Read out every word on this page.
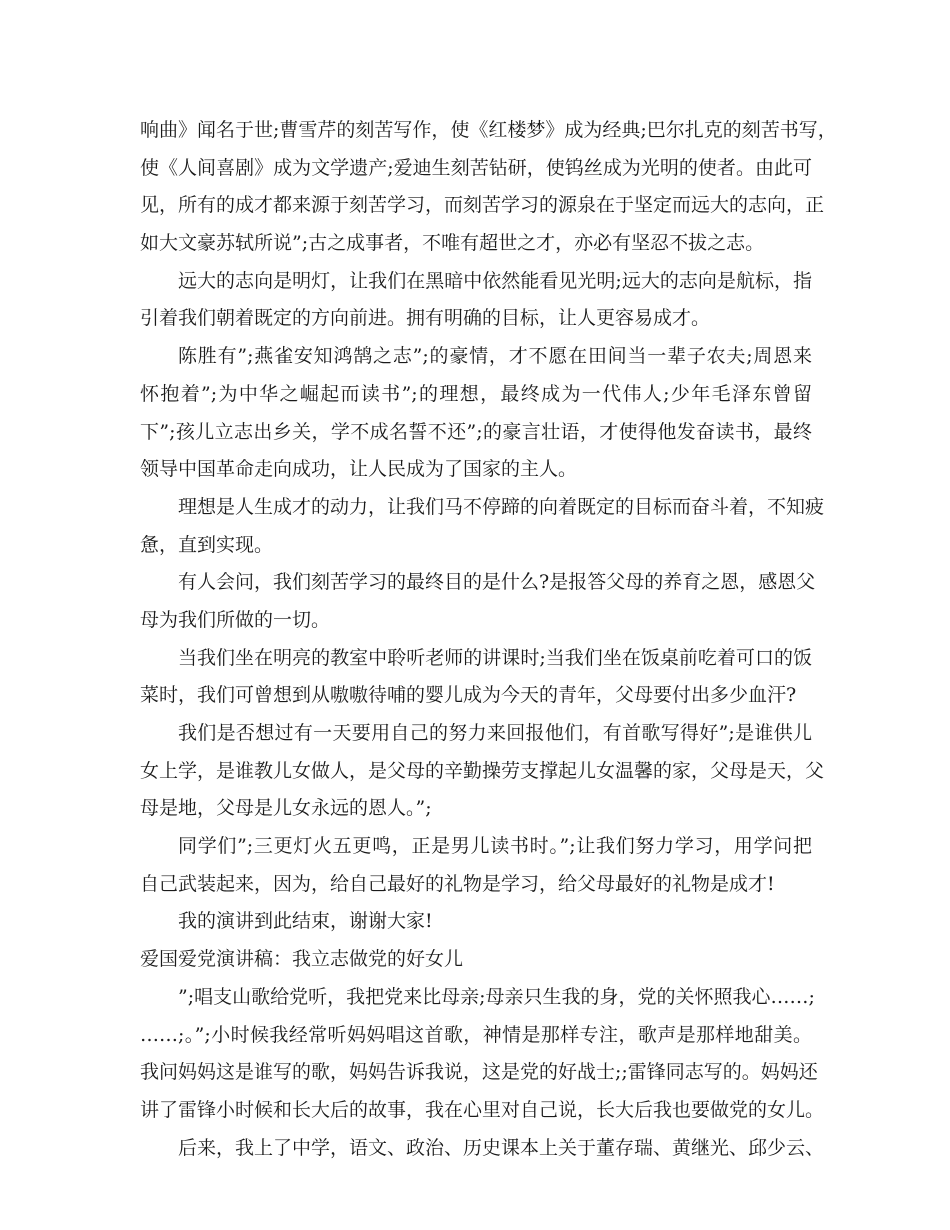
响曲》闻名于世;曹雪芹的刻苦写作，使《红楼梦》成为经典;巴尔扎克的刻苦书写，
使《人间喜剧》成为文学遗产;爱迪生刻苦钻研，使钨丝成为光明的使者。由此可
见，所有的成才都来源于刻苦学习，而刻苦学习的源泉在于坚定而远大的志向，正
如大文豪苏轼所说”;古之成事者，不唯有超世之才，亦必有坚忍不拔之志。
远大的志向是明灯，让我们在黑暗中依然能看见光明;远大的志向是航标，指
引着我们朝着既定的方向前进。拥有明确的目标，让人更容易成才。
陈胜有”;燕雀安知鸿鹄之志”;的豪情，才不愿在田间当一辈子农夫;周恩来
怀抱着”;为中华之崛起而读书”;的理想，最终成为一代伟人;少年毛泽东曾留
下”;孩儿立志出乡关，学不成名誓不还”;的豪言壮语，才使得他发奋读书，最终
领导中国革命走向成功，让人民成为了国家的主人。
理想是人生成才的动力，让我们马不停蹄的向着既定的目标而奋斗着，不知疲
惫，直到实现。
有人会问，我们刻苦学习的最终目的是什么?是报答父母的养育之恩，感恩父
母为我们所做的一切。
当我们坐在明亮的教室中聆听老师的讲课时;当我们坐在饭桌前吃着可口的饭
菜时，我们可曾想到从嗷嗷待哺的婴儿成为今天的青年，父母要付出多少血汗?
我们是否想过有一天要用自己的努力来回报他们，有首歌写得好”;是谁供儿
女上学，是谁教儿女做人，是父母的辛勤操劳支撑起儿女温馨的家，父母是天，父
母是地，父母是儿女永远的恩人。”;
同学们”;三更灯火五更鸣，正是男儿读书时。”;让我们努力学习，用学问把
自己武装起来，因为，给自己最好的礼物是学习，给父母最好的礼物是成才!
我的演讲到此结束，谢谢大家!
爱国爱党演讲稿：我立志做党的好女儿
”;唱支山歌给党听，我把党来比母亲;母亲只生我的身，党的关怀照我心……;
……;。”;小时候我经常听妈妈唱这首歌，神情是那样专注，歌声是那样地甜美。
我问妈妈这是谁写的歌，妈妈告诉我说，这是党的好战士;;雷锋同志写的。妈妈还
讲了雷锋小时候和长大后的故事，我在心里对自己说，长大后我也要做党的女儿。
后来，我上了中学，语文、政治、历史课本上关于董存瑞、黄继光、邱少云、
